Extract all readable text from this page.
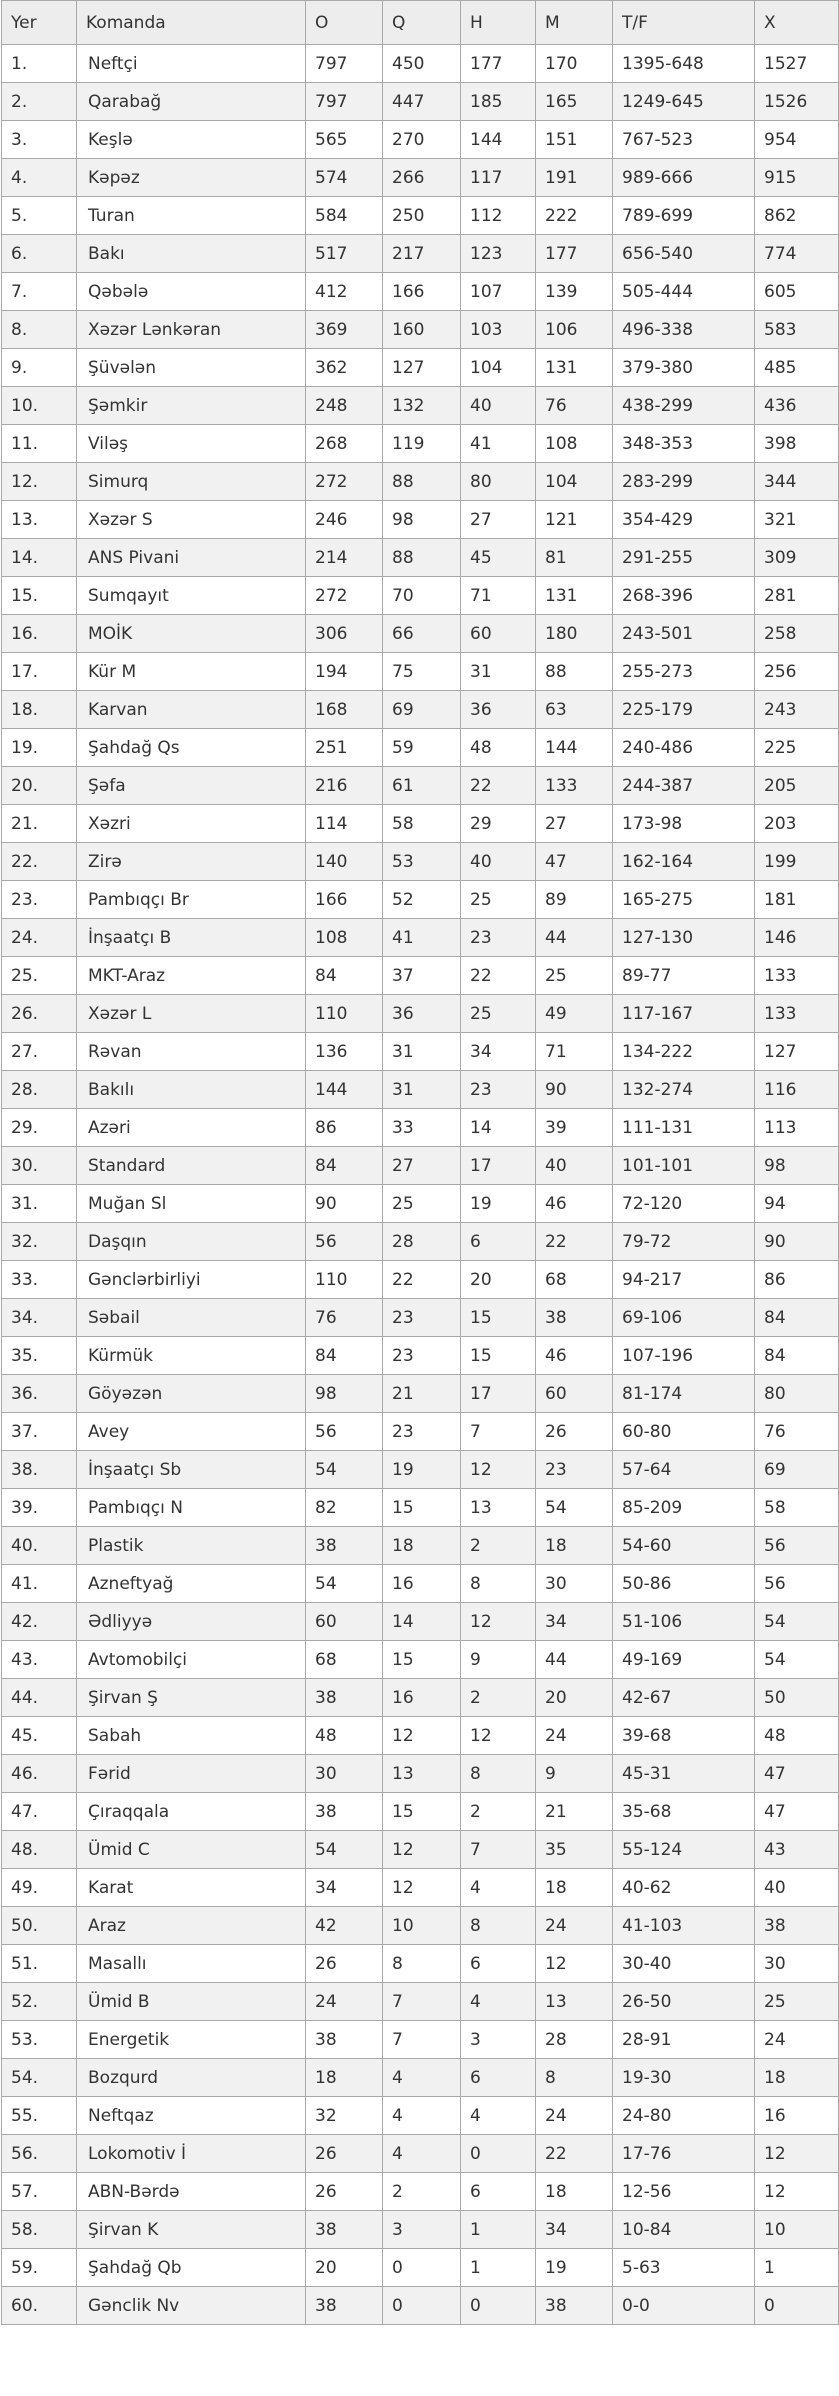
Yer	Komanda	O	Q	H	M	T/F	X
1.	Neftçi	797	450	177	170	1395-648	1527
2.	Qarabağ	797	447	185	165	1249-645	1526
3.	Keşlə	565	270	144	151	767-523	954
4.	Kəpəz	574	266	117	191	989-666	915
5.	Turan	584	250	112	222	789-699	862
6.	Bakı	517	217	123	177	656-540	774
7.	Qəbələ	412	166	107	139	505-444	605
8.	Xəzər Lənkəran	369	160	103	106	496-338	583
9.	Şüvələn	362	127	104	131	379-380	485
10.	Şəmkir	248	132	40	76	438-299	436
11.	Viləş	268	119	41	108	348-353	398
12.	Simurq	272	88	80	104	283-299	344
13.	Xəzər S	246	98	27	121	354-429	321
14.	ANS Pivani	214	88	45	81	291-255	309
15.	Sumqayıt	272	70	71	131	268-396	281
16.	MOİK	306	66	60	180	243-501	258
17.	Kür M	194	75	31	88	255-273	256
18.	Karvan	168	69	36	63	225-179	243
19.	Şahdağ Qs	251	59	48	144	240-486	225
20.	Şəfa	216	61	22	133	244-387	205
21.	Xəzri	114	58	29	27	173-98	203
22.	Zirə	140	53	40	47	162-164	199
23.	Pambıqçı Br	166	52	25	89	165-275	181
24.	İnşaatçı B	108	41	23	44	127-130	146
25.	MKT-Araz	84	37	22	25	89-77	133
26.	Xəzər L	110	36	25	49	117-167	133
27.	Rəvan	136	31	34	71	134-222	127
28.	Bakılı	144	31	23	90	132-274	116
29.	Azəri	86	33	14	39	111-131	113
30.	Standard	84	27	17	40	101-101	98
31.	Muğan Sl	90	25	19	46	72-120	94
32.	Daşqın	56	28	6	22	79-72	90
33.	Gənclərbirliyi	110	22	20	68	94-217	86
34.	Səbail	76	23	15	38	69-106	84
35.	Kürmük	84	23	15	46	107-196	84
36.	Göyəzən	98	21	17	60	81-174	80
37.	Avey	56	23	7	26	60-80	76
38.	İnşaatçı Sb	54	19	12	23	57-64	69
39.	Pambıqçı N	82	15	13	54	85-209	58
40.	Plastik	38	18	2	18	54-60	56
41.	Azneftyağ	54	16	8	30	50-86	56
42.	Ədliyyə	60	14	12	34	51-106	54
43.	Avtomobilçi	68	15	9	44	49-169	54
44.	Şirvan Ş	38	16	2	20	42-67	50
45.	Sabah	48	12	12	24	39-68	48
46.	Fərid	30	13	8	9	45-31	47
47.	Çıraqqala	38	15	2	21	35-68	47
48.	Ümid C	54	12	7	35	55-124	43
49.	Karat	34	12	4	18	40-62	40
50.	Araz	42	10	8	24	41-103	38
51.	Masallı	26	8	6	12	30-40	30
52.	Ümid B	24	7	4	13	26-50	25
53.	Energetik	38	7	3	28	28-91	24
54.	Bozqurd	18	4	6	8	19-30	18
55.	Neftqaz	32	4	4	24	24-80	16
56.	Lokomotiv İ	26	4	0	22	17-76	12
57.	ABN-Bərdə	26	2	6	18	12-56	12
58.	Şirvan K	38	3	1	34	10-84	10
59.	Şahdağ Qb	20	0	1	19	5-63	1
60.	Gənclik Nv	38	0	0	38	0-0	0
